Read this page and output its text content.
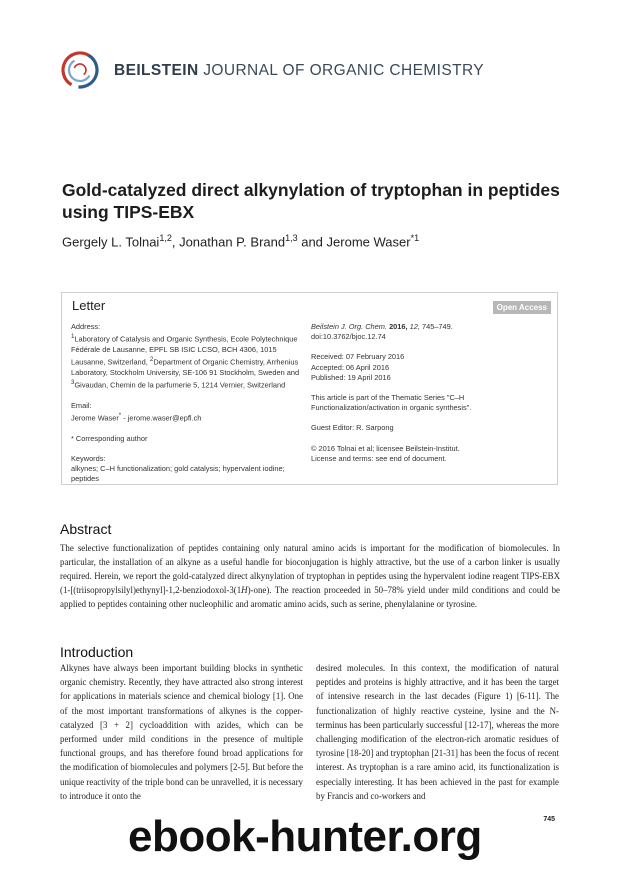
BEILSTEIN JOURNAL OF ORGANIC CHEMISTRY
Gold-catalyzed direct alkynylation of tryptophan in peptides using TIPS-EBX
Gergely L. Tolnai$^{1,2}$, Jonathan P. Brand$^{1,3}$ and Jerome Waser$^{*1}$
Letter	Open Access

Address:

$^1$Laboratory of Catalysis and Organic Synthesis, Ecole Polytechnique Fédérale de Lausanne, EPFL SB ISIC LCSO, BCH 4306, 1015 Lausanne, Switzerland, $^2$Department of Organic Chemistry, Arrhenius Laboratory, Stockholm University, SE-106 91 Stockholm, Sweden and $^3$Givaudan, Chemin de la parfumerie 5, 1214 Vernier, Switzerland

Email:

Jerome Waser* - jerome.waser@epfl.ch

* Corresponding author

Keywords:

alkynes; C–H functionalization; gold catalysis; hypervalent iodine; peptides

Beilstein J. Org. Chem. 2016, 12, 745–749.

doi:10.3762/bjoc.12.74

Received: 07 February 2016

Accepted: 06 April 2016

Published: 19 April 2016

This article is part of the Thematic Series "C–H Functionalization/activation in organic synthesis".

Guest Editor: R. Sarpong

© 2016 Tolnai et al; licensee Beilstein-Institut.

License and terms: see end of document.

Abstract

The selective functionalization of peptides containing only natural amino acids is important for the modification of biomolecules. In particular, the installation of an alkyne as a useful handle for bioconjugation is highly attractive, but the use of a carbon linker is usually required. Herein, we report the gold-catalyzed direct alkynylation of tryptophan in peptides using the hypervalent iodine reagent TIPS-EBX (1-[(triisopropylsilyl)ethynyl]-1,2-benziodoxol-3(1H)-one). The reaction proceeded in 50–78% yield under mild conditions and could be applied to peptides containing other nucleophilic and aromatic amino acids, such as serine, phenylalanine or tyrosine.

Introduction

Alkynes have always been important building blocks in synthetic organic chemistry. Recently, they have attracted also strong interest for applications in materials science and chemical biology [1]. One of the most important transformations of alkynes is the copper-catalyzed [3 + 2] cycloaddition with azides, which can be performed under mild conditions in the presence of multiple functional groups, and has therefore found broad applications for the modification of biomolecules and polymers [2-5]. But before the unique reactivity of the triple bond can be unravelled, it is necessary to introduce it onto the

desired molecules. In this context, the modification of natural peptides and proteins is highly attractive, and it has been the target of intensive research in the last decades (Figure 1) [6-11]. The functionalization of highly reactive cysteine, lysine and the N-terminus has been particularly successful [12-17], whereas the more challenging modification of the electron-rich aromatic residues of tyrosine [18-20] and tryptophan [21-31] has been the focus of recent interest. As tryptophan is a rare amino acid, its functionalization is especially interesting. It has been achieved in the past for example by Francis and co-workers and

745
ebook-hunter.org
